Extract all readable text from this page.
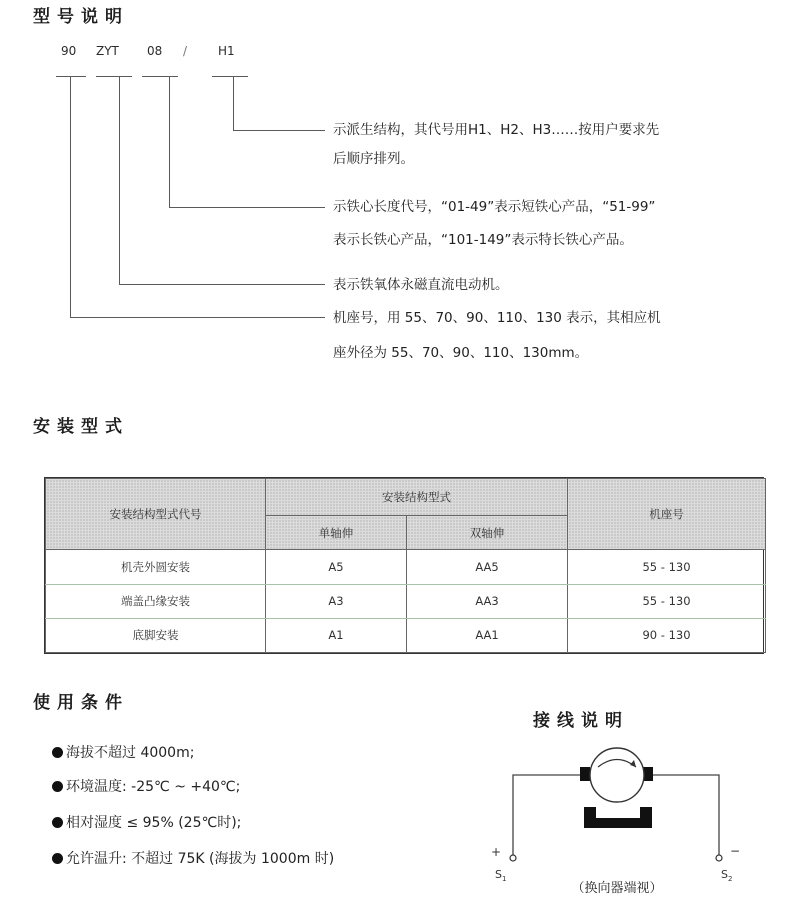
型号说明
90 ZYT 08 /	H1
示派生结构，其代号用H1、H2、H3……按用户要求先
后顺序排列。
示铁心长度代号，“01-49”表示短铁心产品，“51-99”
表示长铁心产品，“101-149”表示特长铁心产品。
表示铁氧体永磁直流电动机。
机座号，用 55、70、90、110、130 表示，其相应机
座外径为 55、70、90、110、130mm。
安装型式
安装结构型式代号	安装结构型式		机座号
	单轴伸	双轴伸	
机壳外圆安装	A5	AA5	55 - 130
端盖凸缘安装	A3	AA3	55 - 130
底脚安装	A1	AA1	90 - 130
使用条件
海拔不超过 4000m;
环境温度: -25℃ ~ +40℃;
相对湿度 ≤ 95% (25℃时);
允许温升: 不超过 75K (海拔为 1000m 时)
接线说明
+	−
$S_1$	$S_2$
（换向器端视）
